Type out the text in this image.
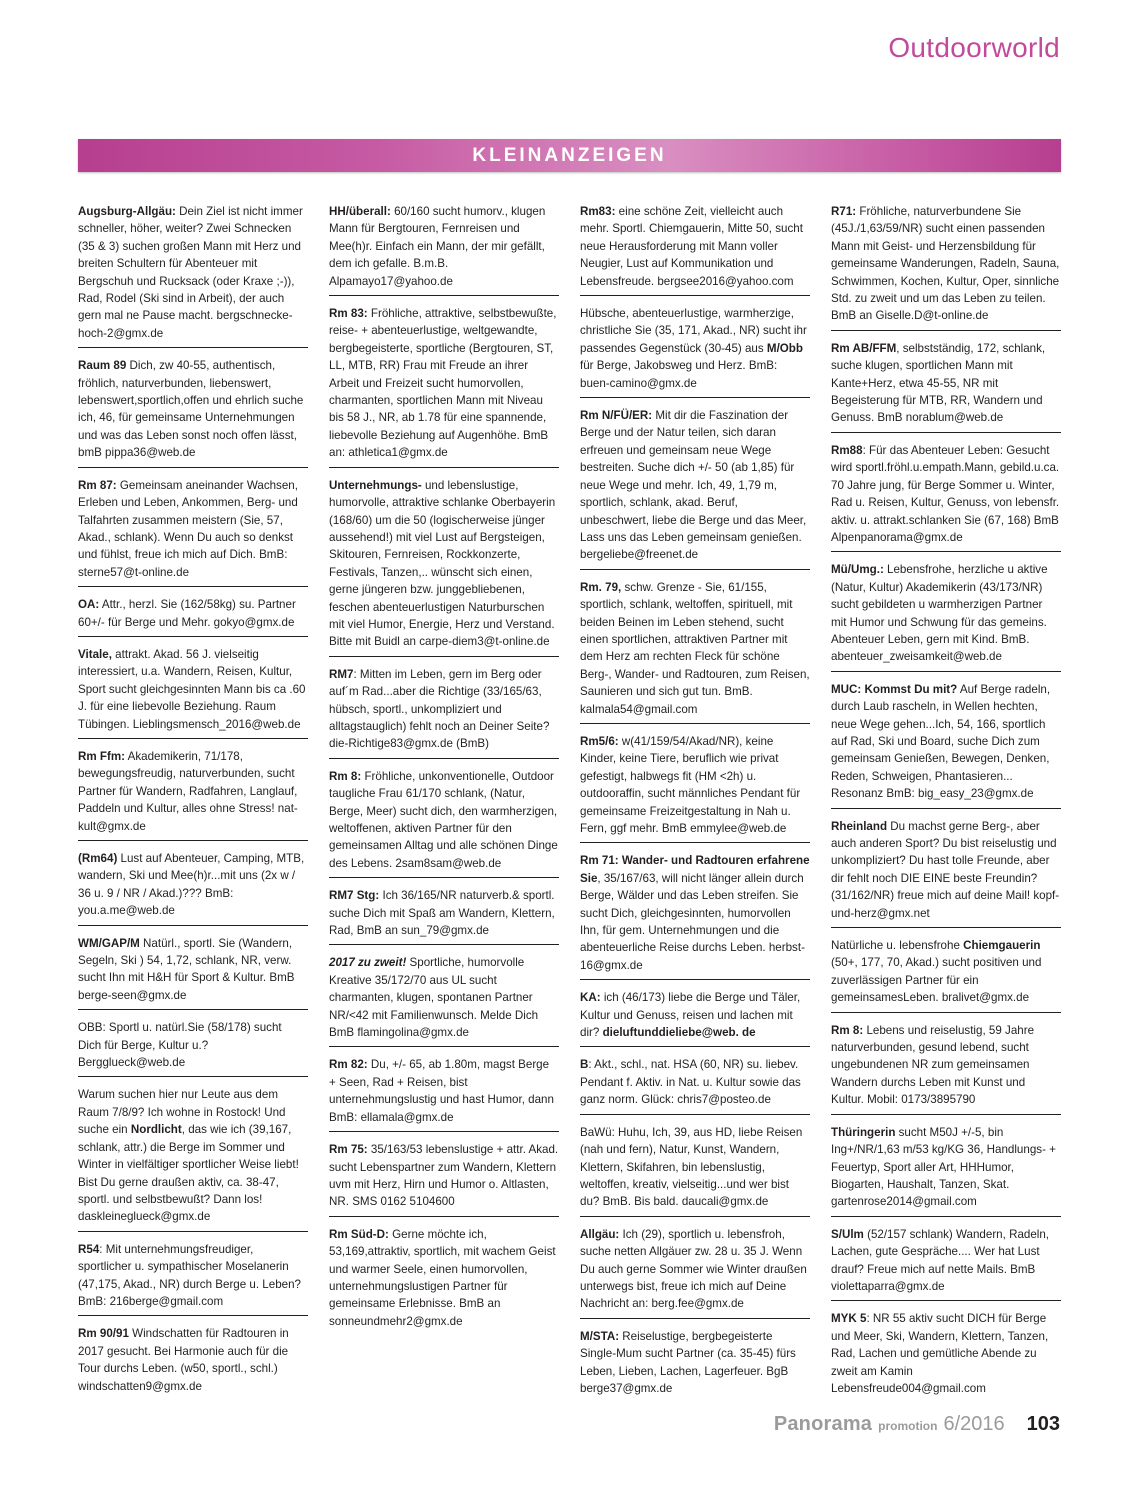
Outdoorworld
KLEINANZEIGEN
Augsburg-Allgäu: Dein Ziel ist nicht immer schneller, höher, weiter? Zwei Schnecken (35 & 3) suchen großen Mann mit Herz und breiten Schultern für Abenteuer mit Bergschuh und Rucksack (oder Kraxe ;-)), Rad, Rodel (Ski sind in Arbeit), der auch gern mal ne Pause macht. bergschnecke-hoch-2@gmx.de
Raum 89 Dich, zw 40-55, authentisch, fröhlich, naturverbunden, liebenswert, lebenswert,sportlich,offen und ehrlich suche ich, 46, für gemeinsame Unternehmungen und was das Leben sonst noch offen lässt, bmB pippa36@web.de
Rm 87: Gemeinsam aneinander Wachsen, Erleben und Leben, Ankommen, Berg- und Talfahrten zusammen meistern (Sie, 57, Akad., schlank). Wenn Du auch so denkst und fühlst, freue ich mich auf Dich. BmB: sterne57@t-online.de
OA: Attr., herzl. Sie (162/58kg) su. Partner 60+/- für Berge und Mehr. gokyo@gmx.de
Vitale, attrakt. Akad. 56 J. vielseitig interessiert, u.a. Wandern, Reisen, Kultur, Sport sucht gleichgesinnten Mann bis ca .60 J. für eine liebevolle Beziehung. Raum Tübingen. Lieblingsmensch_2016@web.de
Rm Ffm: Akademikerin, 71/178, bewegungsfreudig, naturverbunden, sucht Partner für Wandern, Radfahren, Langlauf, Paddeln und Kultur, alles ohne Stress! nat-kult@gmx.de
(Rm64) Lust auf Abenteuer, Camping, MTB, wandern, Ski und Mee(h)r...mit uns (2x w / 36 u. 9 / NR / Akad.)??? BmB: you.a.me@web.de
WM/GAP/M Natürl., sportl. Sie (Wandern, Segeln, Ski ) 54, 1,72, schlank, NR, verw. sucht Ihn mit H&H für Sport & Kultur. BmB berge-seen@gmx.de
OBB: Sportl u. natürl.Sie (58/178) sucht Dich für Berge, Kultur u.? Bergglueck@web.de
Warum suchen hier nur Leute aus dem Raum 7/8/9? Ich wohne in Rostock! Und suche ein Nordlicht, das wie ich (39,167, schlank, attr.) die Berge im Sommer und Winter in vielfältiger sportlicher Weise liebt! Bist Du gerne draußen aktiv, ca. 38-47, sportl. und selbstbewußt? Dann los! daskleineglueck@gmx.de
R54: Mit unternehmungsfreudiger, sportlicher u. sympathischer Moselanerin (47,175, Akad., NR) durch Berge u. Leben? BmB: 216berge@gmail.com
Rm 90/91 Windschatten für Radtouren in 2017 gesucht. Bei Harmonie auch für die Tour durchs Leben. (w50, sportl., schl.) windschatten9@gmx.de
HH/überall: 60/160 sucht humorv., klugen Mann für Bergtouren, Fernreisen und Mee(h)r. Einfach ein Mann, der mir gefällt, dem ich gefalle. B.m.B. Alpamayo17@yahoo.de
Rm 83: Fröhliche, attraktive, selbstbewußte, reise- + abenteuerlustige, weltgewandte, bergbegeisterte, sportliche (Bergtouren, ST, LL, MTB, RR) Frau mit Freude an ihrer Arbeit und Freizeit sucht humorvollen, charmanten, sportlichen Mann mit Niveau bis 58 J., NR, ab 1.78 für eine spannende, liebevolle Beziehung auf Augenhöhe. BmB an: athletica1@gmx.de
Unternehmungs- und lebenslustige, humorvolle, attraktive schlanke Oberbayerin (168/60) um die 50 (logischerweise jünger aussehend!) mit viel Lust auf Bergsteigen, Skitouren, Fernreisen, Rockkonzerte, Festivals, Tanzen,.. wünscht sich einen, gerne jüngeren bzw. junggebliebenen, feschen abenteuerlustigen Naturburschen mit viel Humor, Energie, Herz und Verstand. Bitte mit Buidl an carpe-diem3@t-online.de
RM7: Mitten im Leben, gern im Berg oder auf´m Rad...aber die Richtige (33/165/63, hübsch, sportl., unkompliziert und alltagstauglich) fehlt noch an Deiner Seite? die-Richtige83@gmx.de (BmB)
Rm 8: Fröhliche, unkonventionelle, Outdoor taugliche Frau 61/170 schlank, (Natur, Berge, Meer) sucht dich, den warmherzigen, weltoffenen, aktiven Partner für den gemeinsamen Alltag und alle schönen Dinge des Lebens. 2sam8sam@web.de
RM7 Stg: Ich 36/165/NR naturverb.& sportl. suche Dich mit Spaß am Wandern, Klettern, Rad, BmB an sun_79@gmx.de
2017 zu zweit! Sportliche, humorvolle Kreative 35/172/70 aus UL sucht charmanten, klugen, spontanen Partner NR/<42 mit Familienwunsch. Melde Dich BmB flamingolina@gmx.de
Rm 82: Du, +/- 65, ab 1.80m, magst Berge + Seen, Rad + Reisen, bist unternehmungslustig und hast Humor, dann BmB: ellamala@gmx.de
Rm 75: 35/163/53 lebenslustige + attr. Akad. sucht Lebenspartner zum Wandern, Klettern uvm mit Herz, Hirn und Humor o. Altlasten, NR. SMS 0162 5104600
Rm Süd-D: Gerne möchte ich, 53,169,attraktiv, sportlich, mit wachem Geist und warmer Seele, einen humorvollen, unternehmungslustigen Partner für gemeinsame Erlebnisse. BmB an sonneundmehr2@gmx.de
Rm83: eine schöne Zeit, vielleicht auch mehr. Sportl. Chiemgauerin, Mitte 50, sucht neue Herausforderung mit Mann voller Neugier, Lust auf Kommunikation und Lebensfreude. bergsee2016@yahoo.com
Hübsche, abenteuerlustige, warmherzige, christliche Sie (35, 171, Akad., NR) sucht ihr passendes Gegenstück (30-45) aus M/Obb für Berge, Jakobsweg und Herz. BmB: buen-camino@gmx.de
Rm N/FÜ/ER: Mit dir die Faszination der Berge und der Natur teilen, sich daran erfreuen und gemeinsam neue Wege bestreiten. Suche dich +/- 50 (ab 1,85) für neue Wege und mehr. Ich, 49, 1,79 m, sportlich, schlank, akad. Beruf, unbeschwert, liebe die Berge und das Meer, Lass uns das Leben gemeinsam genießen. bergeliebe@freenet.de
Rm. 79, schw. Grenze - Sie, 61/155, sportlich, schlank, weltoffen, spirituell, mit beiden Beinen im Leben stehend, sucht einen sportlichen, attraktiven Partner mit dem Herz am rechten Fleck für schöne Berg-, Wander- und Radtouren, zum Reisen, Saunieren und sich gut tun. BmB. kalmala54@gmail.com
Rm5/6: w(41/159/54/Akad/NR), keine Kinder, keine Tiere, beruflich wie privat gefestigt, halbwegs fit (HM <2h) u. outdooraffin, sucht männliches Pendant für gemeinsame Freizeitgestaltung in Nah u. Fern, ggf mehr. BmB emmylee@web.de
Rm 71: Wander- und Radtouren erfahrene Sie, 35/167/63, will nicht länger allein durch Berge, Wälder und das Leben streifen. Sie sucht Dich, gleichgesinnten, humorvollen Ihn, für gem. Unternehmungen und die abenteuerliche Reise durchs Leben. herbst-16@gmx.de
KA: ich (46/173) liebe die Berge und Täler, Kultur und Genuss, reisen und lachen mit dir? dieluftunddieliebe@web. de
B: Akt., schl., nat. HSA (60, NR) su. liebev. Pendant f. Aktiv. in Nat. u. Kultur sowie das ganz norm. Glück: chris7@posteo.de
BaWü: Huhu, Ich, 39, aus HD, liebe Reisen (nah und fern), Natur, Kunst, Wandern, Klettern, Skifahren, bin lebenslustig, weltoffen, kreativ, vielseitig...und wer bist du? BmB. Bis bald. daucali@gmx.de
Allgäu: Ich (29), sportlich u. lebensfroh, suche netten Allgäuer zw. 28 u. 35 J. Wenn Du auch gerne Sommer wie Winter draußen unterwegs bist, freue ich mich auf Deine Nachricht an: berg.fee@gmx.de
M/STA: Reiselustige, bergbegeisterte Single-Mum sucht Partner (ca. 35-45) fürs Leben, Lieben, Lachen, Lagerfeuer. BgB berge37@gmx.de
R71: Fröhliche, naturverbundene Sie (45J./1,63/59/NR) sucht einen passenden Mann mit Geist- und Herzensbildung für gemeinsame Wanderungen, Radeln, Sauna, Schwimmen, Kochen, Kultur, Oper, sinnliche Std. zu zweit und um das Leben zu teilen. BmB an Giselle.D@t-online.de
Rm AB/FFM, selbstständig, 172, schlank, suche klugen, sportlichen Mann mit Kante+Herz, etwa 45-55, NR mit Begeisterung für MTB, RR, Wandern und Genuss. BmB norablum@web.de
Rm88: Für das Abenteuer Leben: Gesucht wird sportl.fröhl.u.empath.Mann, gebild.u.ca. 70 Jahre jung, für Berge Sommer u. Winter, Rad u. Reisen, Kultur, Genuss, von lebensfr. aktiv. u. attrakt.schlanken Sie (67, 168) BmB Alpenpanorama@gmx.de
Mü/Umg.: Lebensfrohe, herzliche u aktive (Natur, Kultur) Akademikerin (43/173/NR) sucht gebildeten u warmherzigen Partner mit Humor und Schwung für das gemeins. Abenteuer Leben, gern mit Kind. BmB. abenteuer_zweisamkeit@web.de
MUC: Kommst Du mit? Auf Berge radeln, durch Laub rascheln, in Wellen hechten, neue Wege gehen...Ich, 54, 166, sportlich auf Rad, Ski und Board, suche Dich zum gemeinsam Genießen, Bewegen, Denken, Reden, Schweigen, Phantasieren... Resonanz BmB: big_easy_23@gmx.de
Rheinland Du machst gerne Berg-, aber auch anderen Sport? Du bist reiselustig und unkompliziert? Du hast tolle Freunde, aber dir fehlt noch DIE EINE beste Freundin? (31/162/NR) freue mich auf deine Mail! kopf-und-herz@gmx.net
Natürliche u. lebensfrohe Chiemgauerin (50+, 177, 70, Akad.) sucht positiven und zuverlässigen Partner für ein gemeinsamesLeben. bralivet@gmx.de
Rm 8: Lebens und reiselustig, 59 Jahre naturverbunden, gesund lebend, sucht ungebundenen NR zum gemeinsamen Wandern durchs Leben mit Kunst und Kultur. Mobil: 0173/3895790
Thüringerin sucht M50J +/-5, bin Ing+/NR/1,63 m/53 kg/KG 36, Handlungs- + Feuertyp, Sport aller Art, HHHumor, Biogarten, Haushalt, Tanzen, Skat. gartenrose2014@gmail.com
S/Ulm (52/157 schlank) Wandern, Radeln, Lachen, gute Gespräche.... Wer hat Lust drauf? Freue mich auf nette Mails. BmB violettaparra@gmx.de
MYK 5: NR 55 aktiv sucht DICH für Berge und Meer, Ski, Wandern, Klettern, Tanzen, Rad, Lachen und gemütliche Abende zu zweit am Kamin Lebensfreude004@gmail.com
Panorama promotion 6/2016 103
